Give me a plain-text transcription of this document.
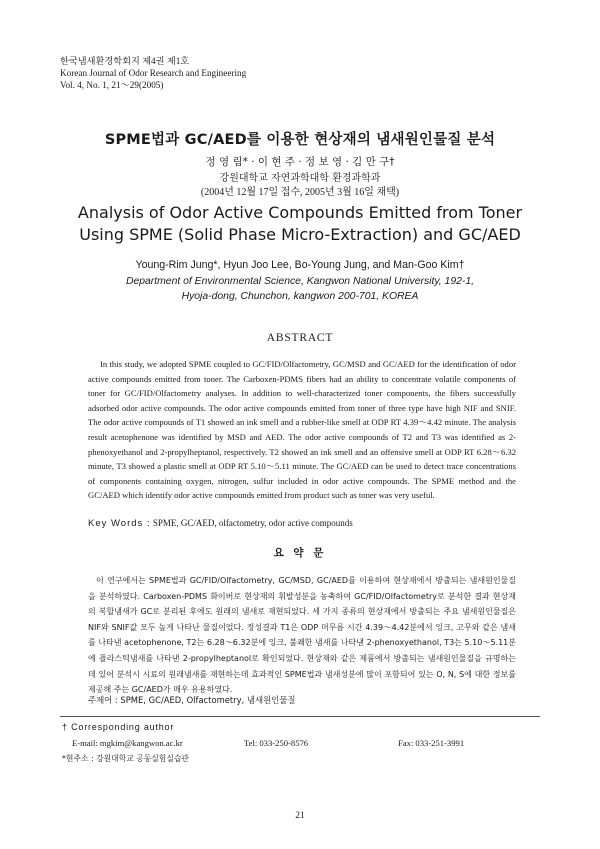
한국냄새환경학회지 제4권 제1호
Korean Journal of Odor Research and Engineering
Vol. 4, No. 1, 21～29(2005)
SPME법과 GC/AED를 이용한 현상재의 냄새원인물질 분석
정 영 림* · 이 현 주 · 정 보 영 · 김 만 구†
강원대학교 자연과학대학 환경과학과
(2004년 12월 17일 접수, 2005년 3월 16일 채택)
Analysis of Odor Active Compounds Emitted from Toner
Using SPME (Solid Phase Micro-Extraction) and GC/AED
Young-Rim Jung*, Hyun Joo Lee, Bo-Young Jung, and Man-Goo Kim†
Department of Environmental Science, Kangwon National University, 192-1,
Hyoja-dong, Chunchon, kangwon 200-701, KOREA
ABSTRACT
In this study, we adopted SPME coupled to GC/FID/Olfactometry, GC/MSD and GC/AED for the identification of odor active compounds emitted from toner. The Carboxen-PDMS fibers had an ability to concentrate volatile components of toner for GC/FID/Olfactometry analyses. In addition to well-characterized toner components, the fibers successfully adsorbed odor active compounds. The odor active compounds emitted from toner of three type have high NIF and SNIF. The odor active compounds of T1 showed an ink smell and a rubber-like smell at ODP RT 4.39～4.42 minute. The analysis result acetophenone was identified by MSD and AED. The odor active compounds of T2 and T3 was identified as 2-phenoxyethanol and 2-propylheptanol, respectively. T2 showed an ink smell and an offensive smell at ODP RT 6.28～6.32 minute, T3 showed a plastic smell at ODP RT 5.10～5.11 minute. The GC/AED can be used to detect trace concentrations of components containing oxygen, nitrogen, sulfur included in odor active compounds. The SPME method and the GC/AED which identify odor active compounds emitted from product such as toner was very useful.
Key Words : SPME, GC/AED, olfactometry, odor active compounds
요 약 문
이 연구에서는 SPME법과 GC/FID/Olfactometry, GC/MSD, GC/AED를 이용하여 현상재에서 방출되는 냄새원인물질을 분석하였다. Carboxen-PDMS 화이버로 현상재의 휘발성분을 농축하여 GC/FID/Olfactometry로 분석한 결과 현상재의 복합냄새가 GC로 분리된 후에도 원래의 냄새로 재현되었다. 세 가지 종류의 현상재에서 방출되는 주요 냄새원인물질은 NIF와 SNIF값 모두 높게 나타난 물질이었다. 정성결과 T1은 ODP 머무름 시간 4.39～4.42분에서 잉크, 고무와 같은 냄새를 나타낸 acetophenone, T2는 6.28～6.32분에 잉크, 불쾌한 냄새를 나타낸 2-phenoxyethanol, T3는 5.10～5.11분에 플라스틱냄새를 나타낸 2-propylheptanol로 확인되었다. 현상재와 같은 제품에서 방출되는 냄새원인물질을 규명하는데 있어 분석시 시료의 원래냄새를 재현하는데 효과적인 SPME법과 냄새성분에 많이 포함되어 있는 O, N, S에 대한 정보를 제공해 주는 GC/AED가 매우 유용하였다.
주제어 : SPME, GC/AED, Olfactometry, 냄새원인물질
† Corresponding author
E-mail: mgkim@kangwon.ac.kr	Tel: 033-250-8576	Fax: 033-251-3991
*현주소 : 강원대학교 공동실험실습관
21
